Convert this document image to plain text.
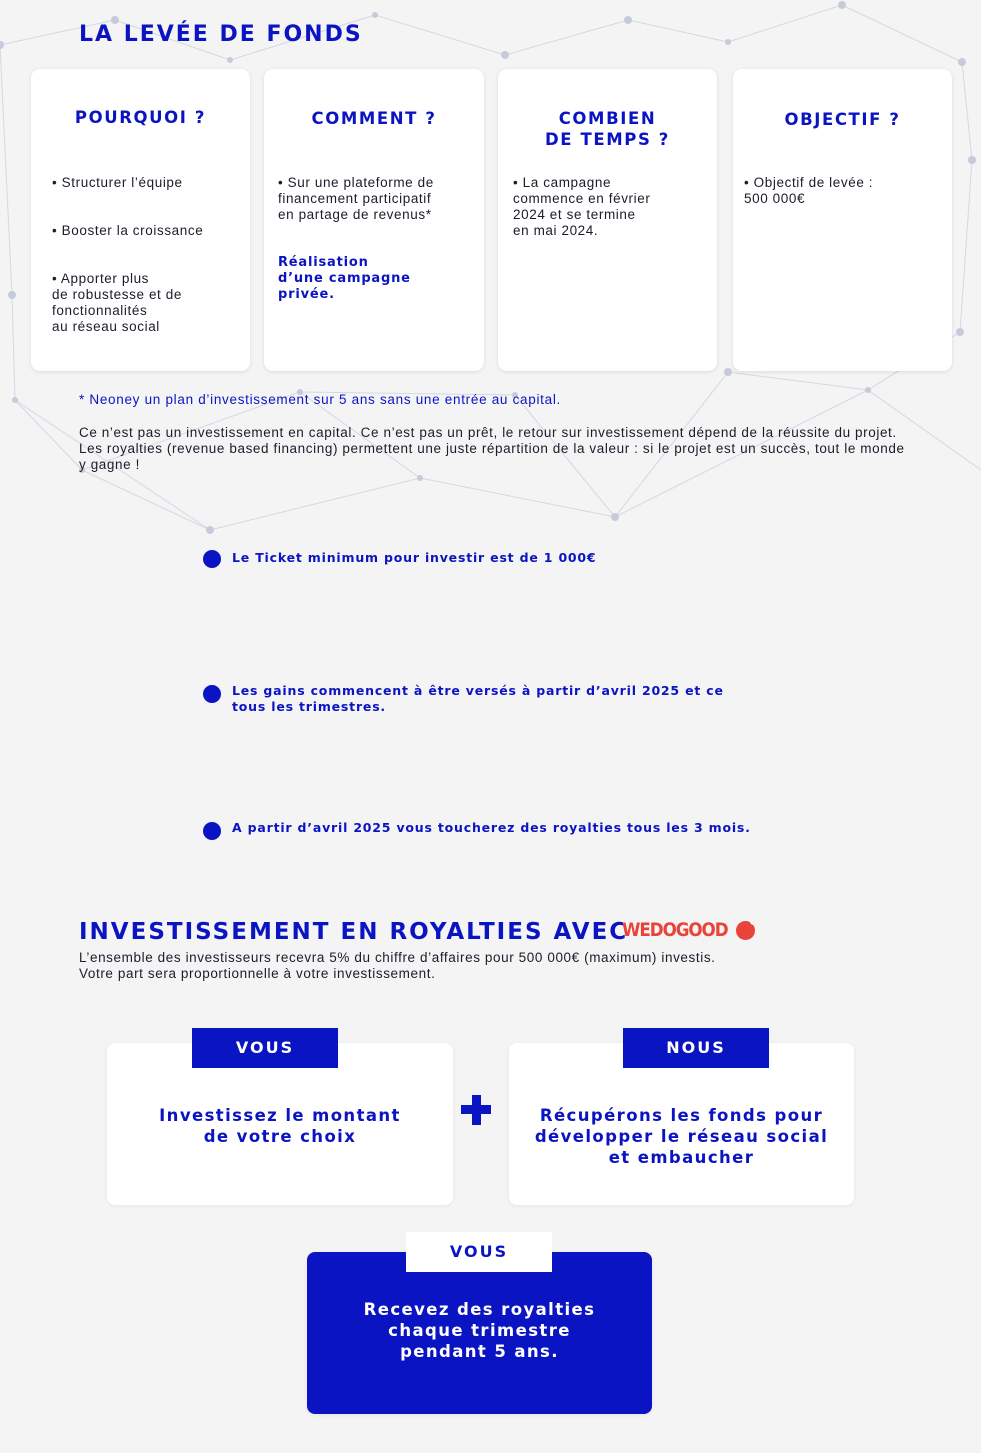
LA LEVÉE DE FONDS
POURQUOI ?

• Structurer l’équipe

• Booster la croissance

• Apporter plus
de robustesse et de
fonctionnalités
au réseau social

COMMENT ?

• Sur une plateforme de
financement participatif
en partage de revenus*

Réalisation
d’une campagne
privée.

COMBIEN
DE TEMPS ?

• La campagne
commence en février
2024 et se termine
en mai 2024.

OBJECTIF ?

• Objectif de levée :
500 000€

* Neoney un plan d’investissement sur 5 ans sans une entrée au capital.
Ce n’est pas un investissement en capital. Ce n’est pas un prêt, le retour sur investissement dépend de la réussite du projet. Les royalties (revenue based financing) permettent une juste répartition de la valeur : si le projet est un succès, tout le monde y gagne !
Le Ticket minimum pour investir est de 1 000€
Les gains commencent à être versés à partir d’avril 2025 et ce
tous les trimestres.
A partir d’avril 2025 vous toucherez des royalties tous les 3 mois.
INVESTISSEMENT EN ROYALTIES AVEC
WEDOGOOD
L’ensemble des investisseurs recevra 5% du chiffre d’affaires pour 500 000€ (maximum) investis.
Votre part sera proportionnelle à votre investissement.
Investissez le montant
de votre choix
VOUS
Récupérons les fonds pour
développer le réseau social
et embaucher
NOUS
Recevez des royalties
chaque trimestre
pendant 5 ans.
VOUS
